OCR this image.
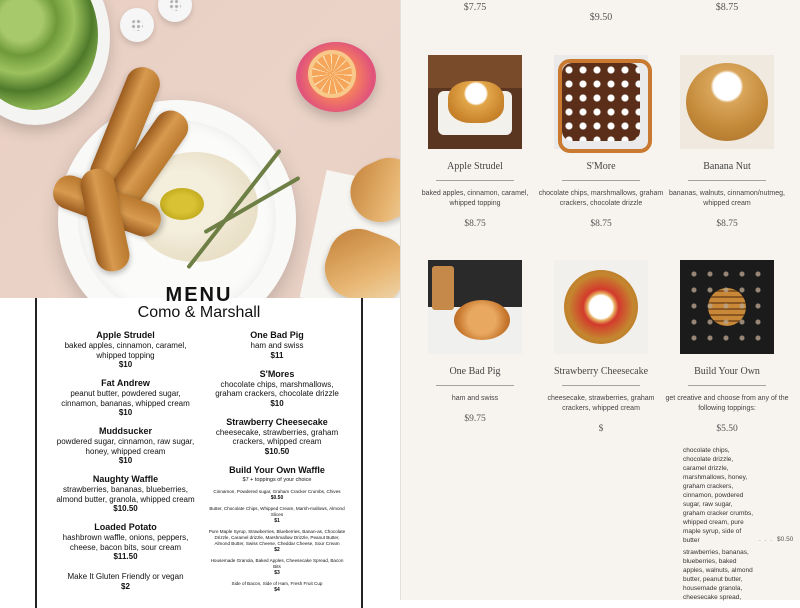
MENU
Como & Marshall
Apple Strudel
baked apples, cinnamon, caramel, whipped topping
$10
Fat Andrew
peanut butter, powdered sugar, cinnamon, bananas, whipped cream
$10
Muddsucker
powdered sugar, cinnamon, raw sugar, honey, whipped cream
$10
Naughty Waffle
strawberries, bananas, blueberries, almond butter, granola, whipped cream
$10.50
Loaded Potato
hashbrown waffle, onions, peppers, cheese, bacon bits, sour cream
$11.50
Make It Gluten Friendly or vegan
$2
One Bad Pig
ham and swiss
$11
S'Mores
chocolate chips, marshmallows, graham crackers, chocolate drizzle
$10
Strawberry Cheesecake
cheesecake, strawberries, graham crackers, whipped cream
$10.50
Build Your Own Waffle
$7 + toppings of your choice
Cinnamon, Powdered sugar, Graham Cracker Crumbs, Chives
$0.50
Butter, Chocolate Chips, Whipped Cream, Marsh-mallows, Almond Slices
$1
Pure Maple Syrup, Strawberries, Blueberries, Banan-as, Chocolate Drizzle, Caramel drizzle, Marshmallow Drizzle, Peanut Butter, Almond Butter, Swiss Cheese, Cheddar Cheese, Sour Cream
$2
Housemade Granola, Baked Apples, Cheesecake Spread, Bacon Bits
$3
Side of Bacon, Side of Ham, Fresh Fruit Cup
$4
$7.75
$9.50
$8.75
Apple Strudel
baked apples, cinnamon, caramel, whipped topping
$8.75
S'More
chocolate chips, marshmallows, graham crackers, chocolate drizzle
$8.75
Banana Nut
bananas, walnuts, cinnamon/nutmeg, whipped cream
$8.75
One Bad Pig
ham and swiss
$9.75
Strawberry Cheesecake
cheesecake, strawberries, graham crackers, whipped cream
$
Build Your Own
get creative and choose from any of the following toppings:
$5.50
chocolate chips, chocolate drizzle, caramel drizzle, marshmallows, honey, graham crackers, cinnamon, powdered sugar, raw sugar, graham cracker crumbs, whipped cream, pure maple syrup, side of butter	. . . $0.50
strawberries, bananas, blueberries, baked apples, walnuts, almond butter, peanut butter, housemade granola, cheesecake spread,
